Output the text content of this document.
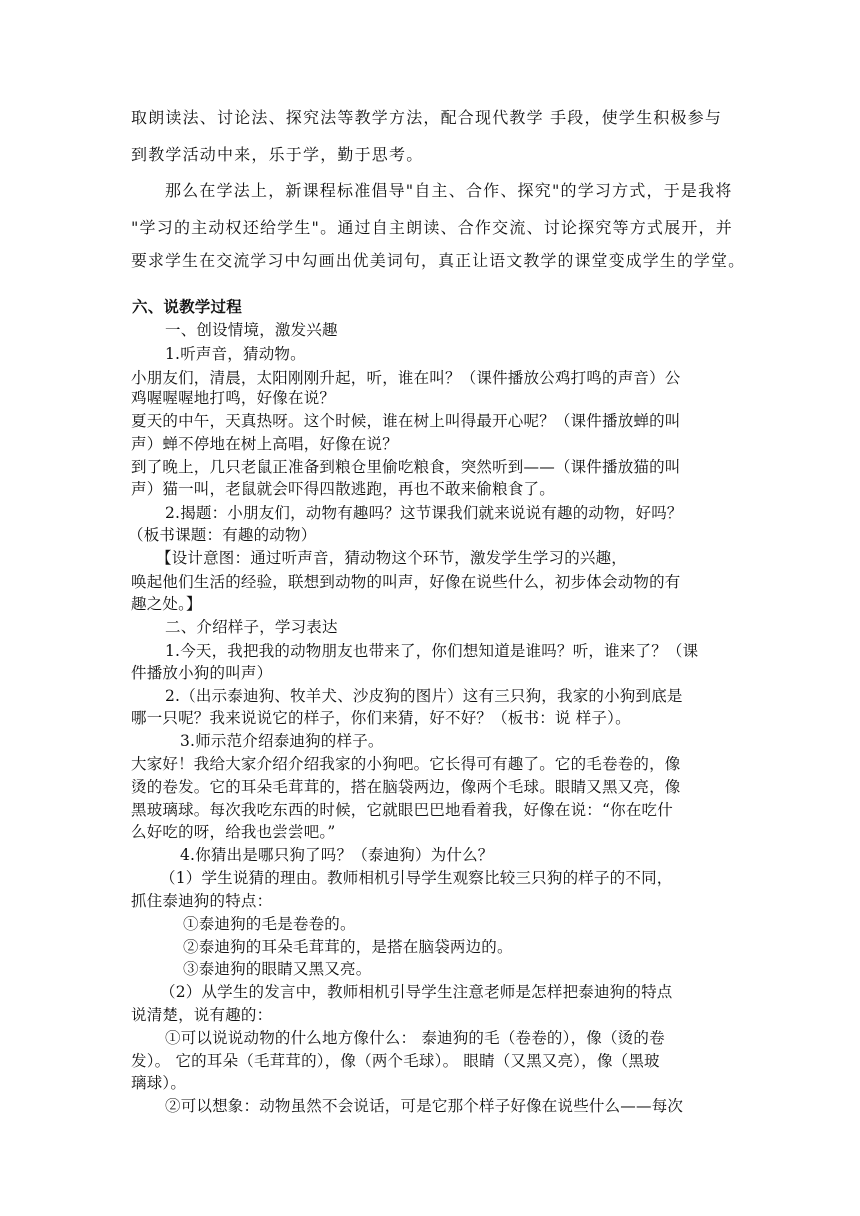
取朗读法、讨论法、探究法等教学方法，配合现代教学 手段，使学生积极参与
到教学活动中来，乐于学，勤于思考。
那么在学法上，新课程标准倡导"自主、合作、探究"的学习方式，于是我将
"学习的主动权还给学生"。通过自主朗读、合作交流、讨论探究等方式展开，并
要求学生在交流学习中勾画出优美词句，真正让语文教学的课堂变成学生的学堂。
六、说教学过程
一、创设情境，激发兴趣
1.听声音，猜动物。
小朋友们，清晨，太阳刚刚升起，听，谁在叫？（课件播放公鸡打鸣的声音）公
鸡喔喔喔地打鸣，好像在说？
夏天的中午，天真热呀。这个时候，谁在树上叫得最开心呢？（课件播放蝉的叫
声）蝉不停地在树上高唱，好像在说？
到了晚上，几只老鼠正准备到粮仓里偷吃粮食，突然听到——（课件播放猫的叫
声）猫一叫，老鼠就会吓得四散逃跑，再也不敢来偷粮食了。
2.揭题：小朋友们，动物有趣吗？这节课我们就来说说有趣的动物，好吗？
（板书课题：有趣的动物）
【设计意图：通过听声音，猜动物这个环节，激发学生学习的兴趣，
唤起他们生活的经验，联想到动物的叫声，好像在说些什么，初步体会动物的有
趣之处。】
二、介绍样子，学习表达
1.今天，我把我的动物朋友也带来了，你们想知道是谁吗？听，谁来了？（课
件播放小狗的叫声）
2.（出示泰迪狗、牧羊犬、沙皮狗的图片）这有三只狗，我家的小狗到底是
哪一只呢？我来说说它的样子，你们来猜，好不好？（板书：说 样子）。
3.师示范介绍泰迪狗的样子。
大家好！我给大家介绍介绍我家的小狗吧。它长得可有趣了。它的毛卷卷的，像
烫的卷发。它的耳朵毛茸茸的，搭在脑袋两边，像两个毛球。眼睛又黑又亮，像
黑玻璃球。每次我吃东西的时候，它就眼巴巴地看着我，好像在说：“你在吃什
么好吃的呀，给我也尝尝吧。”
4.你猜出是哪只狗了吗？（泰迪狗）为什么？
（1）学生说猜的理由。教师相机引导学生观察比较三只狗的样子的不同，
抓住泰迪狗的特点：
①泰迪狗的毛是卷卷的。
②泰迪狗的耳朵毛茸茸的，是搭在脑袋两边的。
③泰迪狗的眼睛又黑又亮。
（2）从学生的发言中，教师相机引导学生注意老师是怎样把泰迪狗的特点
说清楚，说有趣的：
①可以说说动物的什么地方像什么： 泰迪狗的毛（卷卷的），像（烫的卷
发）。 它的耳朵（毛茸茸的），像（两个毛球）。 眼睛（又黑又亮），像（黑玻
璃球）。
②可以想象：动物虽然不会说话，可是它那个样子好像在说些什么——每次
